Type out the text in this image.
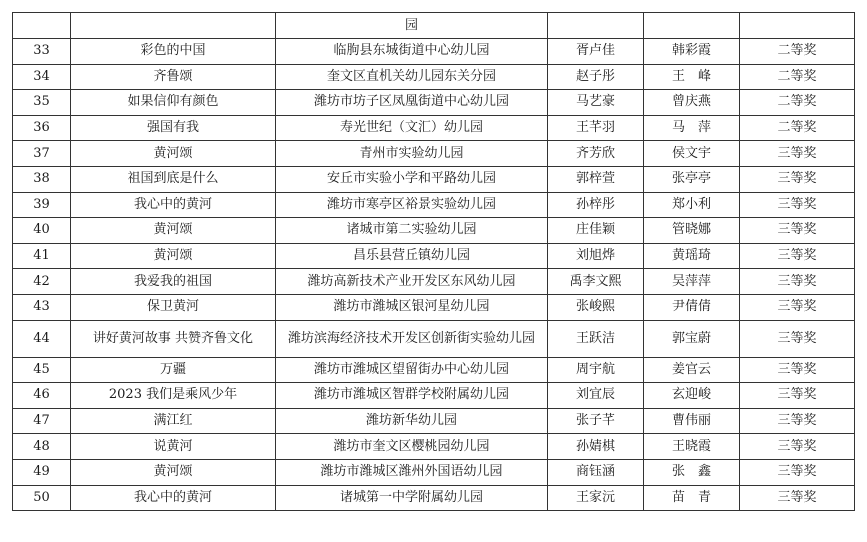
		园			
33	彩色的中国	临朐县东城街道中心幼儿园	胥卢佳	韩彩霞	二等奖
34	齐鲁颂	奎文区直机关幼儿园东关分园	赵子彤	王　峰	二等奖
35	如果信仰有颜色	潍坊市坊子区凤凰街道中心幼儿园	马艺豪	曾庆燕	二等奖
36	强国有我	寿光世纪（文汇）幼儿园	王芊羽	马　萍	二等奖
37	黄河颂	青州市实验幼儿园	齐芳欣	侯文宇	三等奖
38	祖国到底是什么	安丘市实验小学和平路幼儿园	郭梓萱	张亭亭	三等奖
39	我心中的黄河	潍坊市寒亭区裕景实验幼儿园	孙梓彤	郑小利	三等奖
40	黄河颂	诸城市第二实验幼儿园	庄佳颖	管晓娜	三等奖
41	黄河颂	昌乐县营丘镇幼儿园	刘旭烨	黄瑶琦	三等奖
42	我爱我的祖国	潍坊高新技术产业开发区东风幼儿园	禹李文熙	吴萍萍	三等奖
43	保卫黄河	潍坊市潍城区银河星幼儿园	张峻熙	尹倩倩	三等奖
44	讲好黄河故事 共赞齐鲁文化	潍坊滨海经济技术开发区创新街实验幼儿园	王跃洁	郭宝蔚	三等奖
45	万疆	潍坊市潍城区望留街办中心幼儿园	周宇航	姜官云	三等奖
46	2023 我们是乘风少年	潍坊市潍城区智群学校附属幼儿园	刘宜辰	玄迎峻	三等奖
47	满江红	潍坊新华幼儿园	张子芊	曹伟丽	三等奖
48	说黄河	潍坊市奎文区樱桃园幼儿园	孙婧棋	王晓霞	三等奖
49	黄河颂	潍坊市潍城区潍州外国语幼儿园	商钰涵	张　鑫	三等奖
50	我心中的黄河	诸城第一中学附属幼儿园	王家沅	苗　青	三等奖
